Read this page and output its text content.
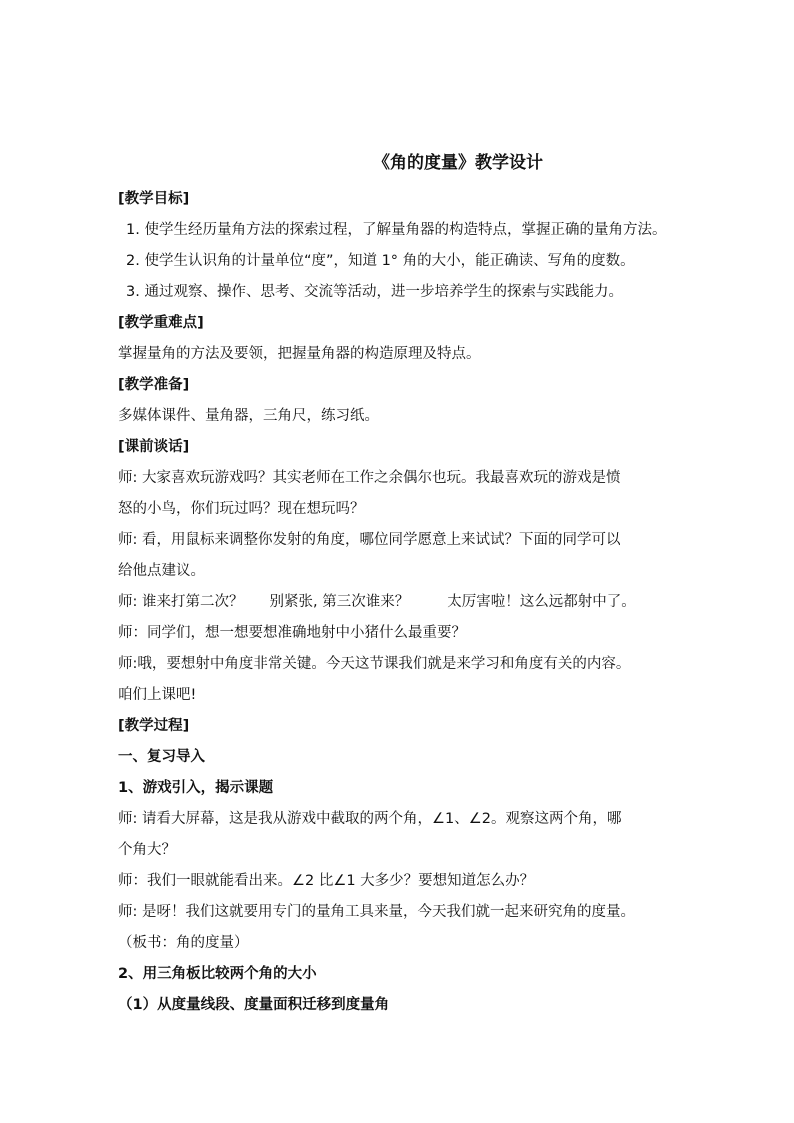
《角的度量》教学设计
[教学目标]
1. 使学生经历量角方法的探索过程，了解量角器的构造特点，掌握正确的量角方法。
2. 使学生认识角的计量单位“度”，知道 1° 角的大小，能正确读、写角的度数。
3. 通过观察、操作、思考、交流等活动，进一步培养学生的探索与实践能力。
[教学重难点]
掌握量角的方法及要领，把握量角器的构造原理及特点。
[教学准备]
多媒体课件、量角器，三角尺，练习纸。
[课前谈话]
师: 大家喜欢玩游戏吗？其实老师在工作之余偶尔也玩。我最喜欢玩的游戏是愤
怒的小鸟，你们玩过吗？现在想玩吗？
师: 看，用鼠标来调整你发射的角度，哪位同学愿意上来试试？下面的同学可以
给他点建议。
师: 谁来打第二次？ 别紧张, 第三次谁来？	太厉害啦！这么远都射中了。
师：同学们，想一想要想准确地射中小猪什么最重要？
师:哦，要想射中角度非常关键。今天这节课我们就是来学习和角度有关的内容。
咱们上课吧!
[教学过程]
一、复习导入
1、游戏引入，揭示课题
师: 请看大屏幕，这是我从游戏中截取的两个角，∠1、∠2。观察这两个角，哪
个角大？
师：我们一眼就能看出来。∠2 比∠1 大多少？要想知道怎么办？
师: 是呀！我们这就要用专门的量角工具来量，今天我们就一起来研究角的度量。
（板书：角的度量）
2、用三角板比较两个角的大小
（1）从度量线段、度量面积迁移到度量角
